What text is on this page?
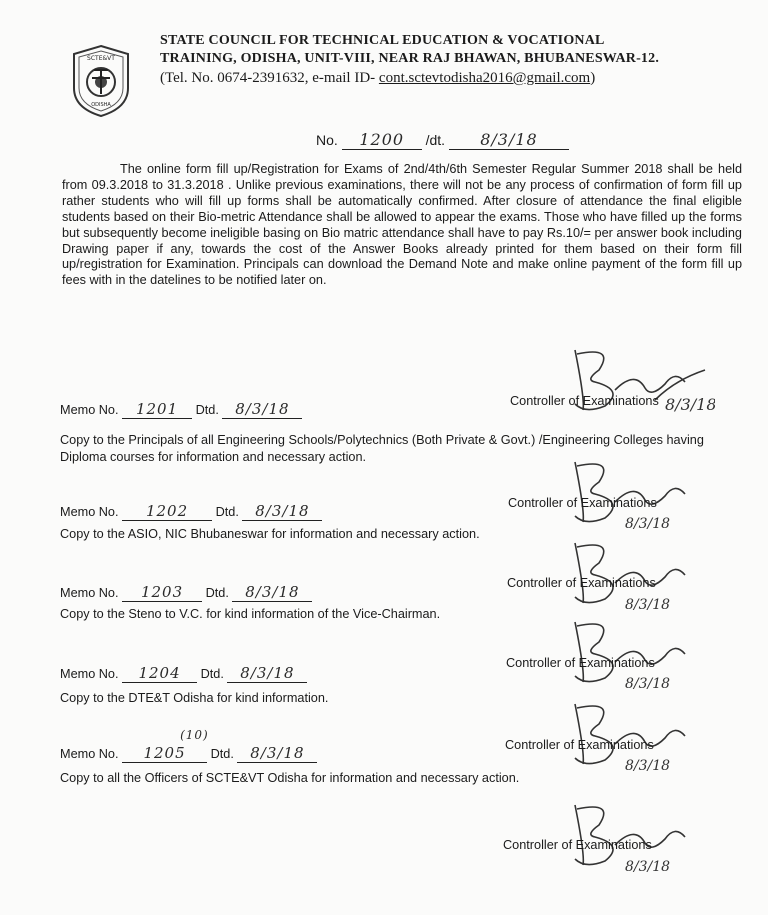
SCTE&VT
ODISHA
STATE COUNCIL FOR TECHNICAL EDUCATION & VOCATIONAL
TRAINING, ODISHA, UNIT-VIII, NEAR RAJ BHAWAN, BHUBANESWAR-12.
(Tel. No. 0674-2391632, e-mail ID- cont.sctevtodisha2016@gmail.com)
No. 1200 /dt. 8/3/18
The online form fill up/Registration for Exams of 2nd/4th/6th Semester Regular Summer 2018 shall be held from 09.3.2018 to 31.3.2018 . Unlike previous examinations, there will not be any process of confirmation of form fill up rather students who will fill up forms shall be automatically confirmed. After closure of attendance the final eligible students based on their Bio-metric Attendance shall be allowed to appear the exams. Those who have filled up the forms but subsequently become ineligible basing on Bio matric attendance shall have to pay Rs.10/= per answer book including Drawing paper if any, towards the cost of the Answer Books already printed for them based on their form fill up/registration for Examination. Principals can download the Demand Note and make online payment of the form fill up fees with in the datelines to be notified later on.
8/3/18
Controller of Examinations
Memo No. 1201 Dtd. 8/3/18
Copy to the Principals of all Engineering Schools/Polytechnics (Both Private & Govt.) /Engineering Colleges having Diploma courses for information and necessary action.
8/3/18
Controller of Examinations
Memo No. 1202 Dtd. 8/3/18
Copy to the ASIO, NIC Bhubaneswar for information and necessary action.
8/3/18
Controller of Examinations
Memo No. 1203 Dtd. 8/3/18
Copy to the Steno to V.C. for kind information of the Vice-Chairman.
8/3/18
Controller of Examinations
Memo No. 1204 Dtd. 8/3/18
Copy to the DTE&T Odisha for kind information.
8/3/18
Controller of Examinations
Memo No. 1205
(10)
Dtd. 8/3/18
Copy to all the Officers of SCTE&VT Odisha for information and necessary action.
8/3/18
Controller of Examinations
